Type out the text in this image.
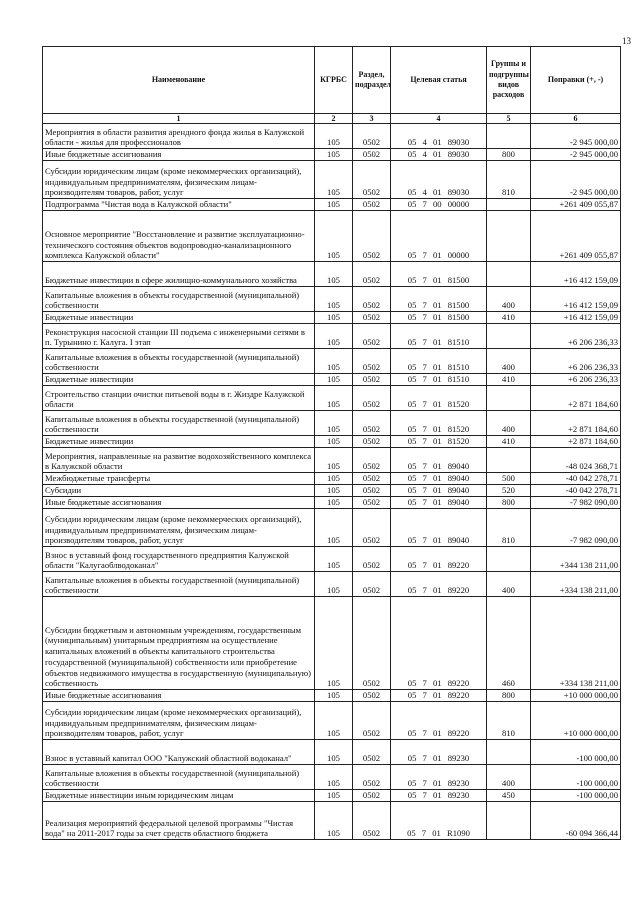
13
Наименование	КГРБС	Раздел, подраздел	Целевая статья	Группы и подгруппы видов расходов	Поправки (+, -)
1	2	3	4	5	6
Мероприятия в области развития арендного фонда жилья в Калужской области - жилья для профессионалов	105	0502	05 4 01 89030		-2 945 000,00
Иные бюджетные ассигнования	105	0502	05 4 01 89030	800	-2 945 000,00
Субсидии юридическим лицам (кроме некоммерческих организаций), индивидуальным предпринимателям, физическим лицам-производителям товаров, работ, услуг	105	0502	05 4 01 89030	810	-2 945 000,00
Подпрограмма "Чистая вода в Калужской области"	105	0502	05 7 00 00000		+261 409 055,87
Основное мероприятие "Восстановление и развитие эксплуатационно-технического состояния объектов водопроводно-канализационного комплекса Калужской области"	105	0502	05 7 01 00000		+261 409 055,87
Бюджетные инвестиции в сфере жилищно-коммунального хозяйства	105	0502	05 7 01 81500		+16 412 159,09
Капитальные вложения в объекты государственной (муниципальной) собственности	105	0502	05 7 01 81500	400	+16 412 159,09
Бюджетные инвестиции	105	0502	05 7 01 81500	410	+16 412 159,09
Реконструкция насосной станции III подъема с инженерными сетями в п. Турынино г. Калуга. I этап	105	0502	05 7 01 81510		+6 206 236,33
Капитальные вложения в объекты государственной (муниципальной) собственности	105	0502	05 7 01 81510	400	+6 206 236,33
Бюджетные инвестиции	105	0502	05 7 01 81510	410	+6 206 236,33
Строительство станции очистки питьевой воды в г. Жиздре Калужской области	105	0502	05 7 01 81520		+2 871 184,60
Капитальные вложения в объекты государственной (муниципальной) собственности	105	0502	05 7 01 81520	400	+2 871 184,60
Бюджетные инвестиции	105	0502	05 7 01 81520	410	+2 871 184,60
Мероприятия, направленные на развитие водохозяйственного комплекса в Калужской области	105	0502	05 7 01 89040		-48 024 368,71
Межбюджетные трансферты	105	0502	05 7 01 89040	500	-40 042 278,71
Субсидии	105	0502	05 7 01 89040	520	-40 042 278,71
Иные бюджетные ассигнования	105	0502	05 7 01 89040	800	-7 982 090,00
Субсидии юридическим лицам (кроме некоммерческих организаций), индивидуальным предпринимателям, физическим лицам-производителям товаров, работ, услуг	105	0502	05 7 01 89040	810	-7 982 090,00
Взнос в уставный фонд государственного предприятия Калужской области "Калугаоблводоканал"	105	0502	05 7 01 89220		+344 138 211,00
Капитальные вложения в объекты государственной (муниципальной) собственности	105	0502	05 7 01 89220	400	+334 138 211,00
Субсидии бюджетным и автономным учреждениям, государственным (муниципальным) унитарным предприятиям на осуществление капитальных вложений в объекты капитального строительства государственной (муниципальной) собственности или приобретение объектов недвижимого имущества в государственную (муниципальную) собственность	105	0502	05 7 01 89220	460	+334 138 211,00
Иные бюджетные ассигнования	105	0502	05 7 01 89220	800	+10 000 000,00
Субсидии юридическим лицам (кроме некоммерческих организаций), индивидуальным предпринимателям, физическим лицам-производителям товаров, работ, услуг	105	0502	05 7 01 89220	810	+10 000 000,00
Взнос в уставный капитал ООО "Калужский областной водоканал"	105	0502	05 7 01 89230		-100 000,00
Капитальные вложения в объекты государственной (муниципальной) собственности	105	0502	05 7 01 89230	400	-100 000,00
Бюджетные инвестиции иным юридическим лицам	105	0502	05 7 01 89230	450	-100 000,00
Реализация мероприятий федеральной целевой программы "Чистая вода" на 2011-2017 годы за счет средств областного бюджета	105	0502	05 7 01 R1090		-60 094 366,44
